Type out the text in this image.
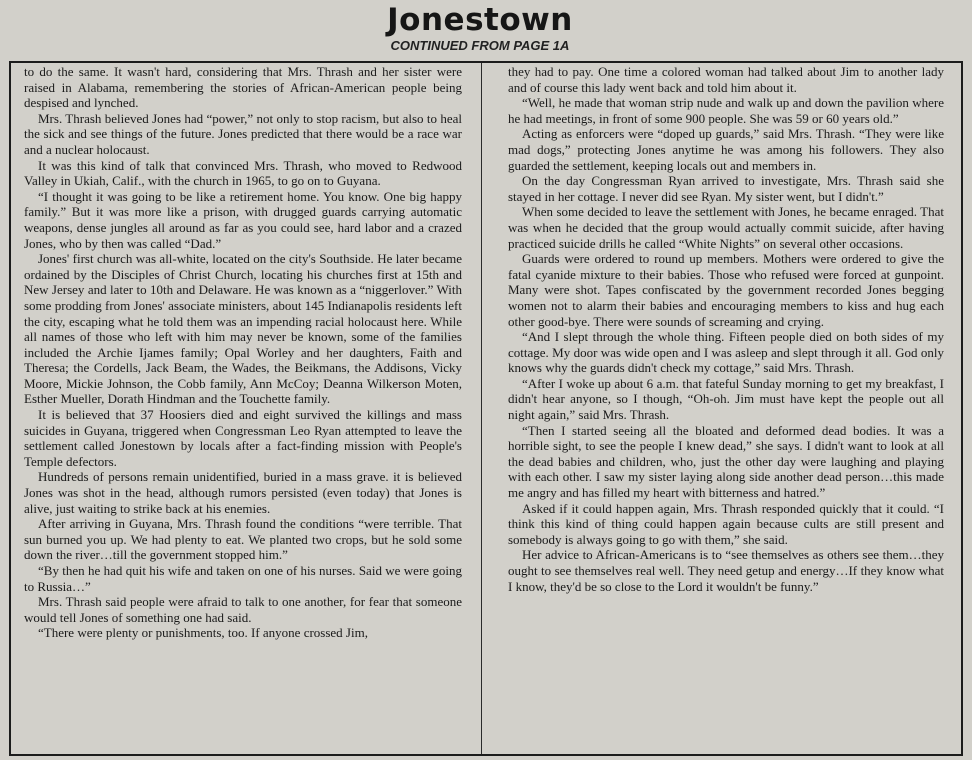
Jonestown
CONTINUED FROM PAGE 1A

to do the same. It wasn't hard, considering that Mrs. Thrash and her sister were raised in Alabama, remembering the stories of African-American people being despised and lynched.

Mrs. Thrash believed Jones had “power,” not only to stop racism, but also to heal the sick and see things of the future. Jones predicted that there would be a race war and a nuclear holocaust.

It was this kind of talk that convinced Mrs. Thrash, who moved to Redwood Valley in Ukiah, Calif., with the church in 1965, to go on to Guyana.

“I thought it was going to be like a retirement home. You know. One big happy family.” But it was more like a prison, with drugged guards carrying automatic weapons, dense jungles all around as far as you could see, hard labor and a crazed Jones, who by then was called “Dad.”

Jones' first church was all-white, located on the city's Southside. He later became ordained by the Disciples of Christ Church, locating his churches first at 15th and New Jersey and later to 10th and Delaware. He was known as a “niggerlover.” With some prodding from Jones' associate ministers, about 145 Indianapolis residents left the city, escaping what he told them was an impending racial holocaust here. While all names of those who left with him may never be known, some of the families included the Archie Ijames family; Opal Worley and her daughters, Faith and Theresa; the Cordells, Jack Beam, the Wades, the Beikmans, the Addisons, Vicky Moore, Mickie Johnson, the Cobb family, Ann McCoy; Deanna Wilkerson Moten, Esther Mueller, Dorath Hindman and the Touchette family.

It is believed that 37 Hoosiers died and eight survived the killings and mass suicides in Guyana, triggered when Congressman Leo Ryan attempted to leave the settlement called Jonestown by locals after a fact-finding mission with People's Temple defectors.

Hundreds of persons remain unidentified, buried in a mass grave. it is believed Jones was shot in the head, although rumors persisted (even today) that Jones is alive, just waiting to strike back at his enemies.

After arriving in Guyana, Mrs. Thrash found the conditions “were terrible. That sun burned you up. We had plenty to eat. We planted two crops, but he sold some down the river…till the government stopped him.”

“By then he had quit his wife and taken on one of his nurses. Said we were going to Russia…”

Mrs. Thrash said people were afraid to talk to one another, for fear that someone would tell Jones of something one had said.

“There were plenty or punishments, too. If anyone crossed Jim,

they had to pay. One time a colored woman had talked about Jim to another lady and of course this lady went back and told him about it.

“Well, he made that woman strip nude and walk up and down the pavilion where he had meetings, in front of some 900 people. She was 59 or 60 years old.”

Acting as enforcers were “doped up guards,” said Mrs. Thrash. “They were like mad dogs,” protecting Jones anytime he was among his followers. They also guarded the settlement, keeping locals out and members in.

On the day Congressman Ryan arrived to investigate, Mrs. Thrash said she stayed in her cottage. I never did see Ryan. My sister went, but I didn't.”

When some decided to leave the settlement with Jones, he became enraged. That was when he decided that the group would actually commit suicide, after having practiced suicide drills he called “White Nights” on several other occasions.

Guards were ordered to round up members. Mothers were ordered to give the fatal cyanide mixture to their babies. Those who refused were forced at gunpoint. Many were shot. Tapes confiscated by the government recorded Jones begging women not to alarm their babies and encouraging members to kiss and hug each other good-bye. There were sounds of screaming and crying.

“And I slept through the whole thing. Fifteen people died on both sides of my cottage. My door was wide open and I was asleep and slept through it all. God only knows why the guards didn't check my cottage,” said Mrs. Thrash.

“After I woke up about 6 a.m. that fateful Sunday morning to get my breakfast, I didn't hear anyone, so I though, “Oh-oh. Jim must have kept the people out all night again,” said Mrs. Thrash.

“Then I started seeing all the bloated and deformed dead bodies. It was a horrible sight, to see the people I knew dead,” she says. I didn't want to look at all the dead babies and children, who, just the other day were laughing and playing with each other. I saw my sister laying along side another dead person…this made me angry and has filled my heart with bitterness and hatred.”

Asked if it could happen again, Mrs. Thrash responded quickly that it could. “I think this kind of thing could happen again because cults are still present and somebody is always going to go with them,” she said.

Her advice to African-Americans is to “see themselves as others see them…they ought to see themselves real well. They need getup and energy…If they know what I know, they'd be so close to the Lord it wouldn't be funny.”
